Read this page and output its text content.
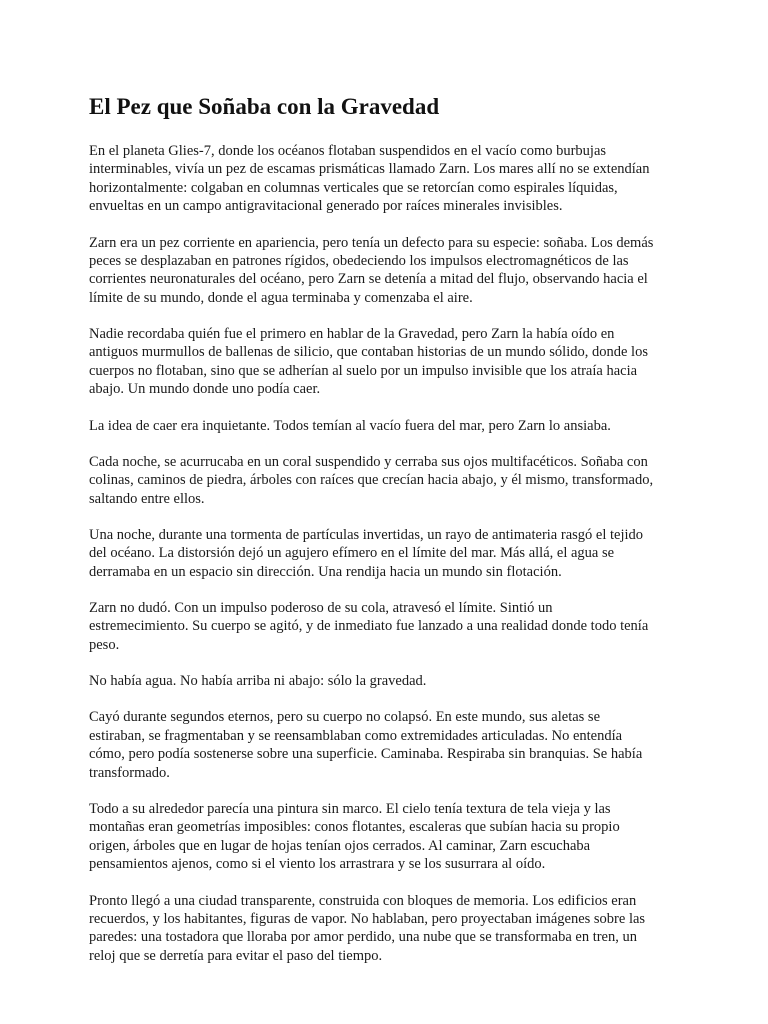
El Pez que Soñaba con la Gravedad

En el planeta Glies-7, donde los océanos flotaban suspendidos en el vacío como burbujas
interminables, vivía un pez de escamas prismáticas llamado Zarn. Los mares allí no se extendían
horizontalmente: colgaban en columnas verticales que se retorcían como espirales líquidas,
envueltas en un campo antigravitacional generado por raíces minerales invisibles.

Zarn era un pez corriente en apariencia, pero tenía un defecto para su especie: soñaba. Los demás
peces se desplazaban en patrones rígidos, obedeciendo los impulsos electromagnéticos de las
corrientes neuronaturales del océano, pero Zarn se detenía a mitad del flujo, observando hacia el
límite de su mundo, donde el agua terminaba y comenzaba el aire.

Nadie recordaba quién fue el primero en hablar de la Gravedad, pero Zarn la había oído en
antiguos murmullos de ballenas de silicio, que contaban historias de un mundo sólido, donde los
cuerpos no flotaban, sino que se adherían al suelo por un impulso invisible que los atraía hacia
abajo. Un mundo donde uno podía caer.

La idea de caer era inquietante. Todos temían al vacío fuera del mar, pero Zarn lo ansiaba.

Cada noche, se acurrucaba en un coral suspendido y cerraba sus ojos multifacéticos. Soñaba con
colinas, caminos de piedra, árboles con raíces que crecían hacia abajo, y él mismo, transformado,
saltando entre ellos.

Una noche, durante una tormenta de partículas invertidas, un rayo de antimateria rasgó el tejido
del océano. La distorsión dejó un agujero efímero en el límite del mar. Más allá, el agua se
derramaba en un espacio sin dirección. Una rendija hacia un mundo sin flotación.

Zarn no dudó. Con un impulso poderoso de su cola, atravesó el límite. Sintió un
estremecimiento. Su cuerpo se agitó, y de inmediato fue lanzado a una realidad donde todo tenía
peso.

No había agua. No había arriba ni abajo: sólo la gravedad.

Cayó durante segundos eternos, pero su cuerpo no colapsó. En este mundo, sus aletas se
estiraban, se fragmentaban y se reensamblaban como extremidades articuladas. No entendía
cómo, pero podía sostenerse sobre una superficie. Caminaba. Respiraba sin branquias. Se había
transformado.

Todo a su alrededor parecía una pintura sin marco. El cielo tenía textura de tela vieja y las
montañas eran geometrías imposibles: conos flotantes, escaleras que subían hacia su propio
origen, árboles que en lugar de hojas tenían ojos cerrados. Al caminar, Zarn escuchaba
pensamientos ajenos, como si el viento los arrastrara y se los susurrara al oído.

Pronto llegó a una ciudad transparente, construida con bloques de memoria. Los edificios eran
recuerdos, y los habitantes, figuras de vapor. No hablaban, pero proyectaban imágenes sobre las
paredes: una tostadora que lloraba por amor perdido, una nube que se transformaba en tren, un
reloj que se derretía para evitar el paso del tiempo.
